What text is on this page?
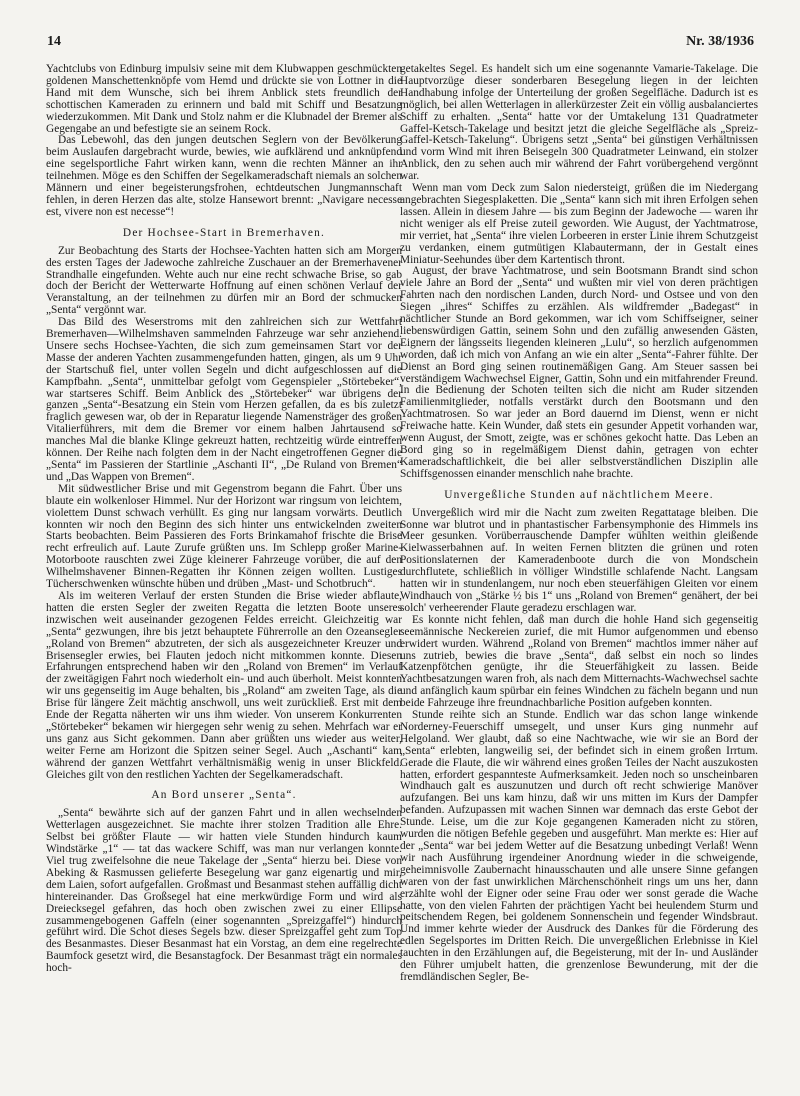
14	Nr. 38/1936

Yachtclubs von Edinburg impulsiv seine mit dem Klubwappen geschmückten goldenen Manschettenknöpfe vom Hemd und drückte sie von Lottner in die Hand mit dem Wunsche, sich bei ihrem Anblick stets freundlich der schottischen Kameraden zu erinnern und bald mit Schiff und Besatzung wiederzukommen. Mit Dank und Stolz nahm er die Klubnadel der Bremer als Gegengabe an und befestigte sie an seinem Rock.

Das Lebewohl, das den jungen deutschen Seglern von der Bevölkerung beim Auslaufen dargebracht wurde, bewies, wie aufklärend und anknüpfend eine segelsportliche Fahrt wirken kann, wenn die rechten Männer an ihr teilnehmen. Möge es den Schiffen der Segelkameradschaft niemals an solchen Männern und einer begeisterungsfrohen, echtdeutschen Jungmannschaft fehlen, in deren Herzen das alte, stolze Hansewort brennt: „Navigare necesse est, vivere non est necesse“!

Der Hochsee-Start in Bremerhaven.

Zur Beobachtung des Starts der Hochsee-Yachten hatten sich am Morgen des ersten Tages der Jadewoche zahlreiche Zuschauer an der Bremerhavener Strandhalle eingefunden. Wehte auch nur eine recht schwache Brise, so gab doch der Bericht der Wetterwarte Hoffnung auf einen schönen Verlauf der Veranstaltung, an der teilnehmen zu dürfen mir an Bord der schmucken „Senta“ vergönnt war.

Das Bild des Weserstroms mit den zahlreichen sich zur Wettfahrt Bremerhaven—Wilhelmshaven sammelnden Fahrzeuge war sehr anziehend. Unsere sechs Hochsee-Yachten, die sich zum gemeinsamen Start vor der Masse der anderen Yachten zusammengefunden hatten, gingen, als um 9 Uhr der Startschuß fiel, unter vollen Segeln und dicht aufgeschlossen auf die Kampfbahn. „Senta“, unmittelbar gefolgt vom Gegenspieler „Störtebeker“, war startseres Schiff. Beim Anblick des „Störtebeker“ war übrigens der ganzen „Senta“-Besatzung ein Stein vom Herzen gefallen, da es bis zuletzt fraglich gewesen war, ob der in Reparatur liegende Namensträger des großen Vitalierführers, mit dem die Bremer vor einem halben Jahrtausend so manches Mal die blanke Klinge gekreuzt hatten, rechtzeitig würde eintreffen können. Der Reihe nach folgten dem in der Nacht eingetroffenen Gegner die „Senta“ im Passieren der Startlinie „Aschanti II“, „De Ruland von Bremen“ und „Das Wappen von Bremen“.

Mit südwestlicher Brise und mit Gegenstrom begann die Fahrt. Über uns blaute ein wolkenloser Himmel. Nur der Horizont war ringsum von leichtem, violettem Dunst schwach verhüllt. Es ging nur langsam vorwärts. Deutlich konnten wir noch den Beginn des sich hinter uns entwickelnden zweiten Starts beobachten. Beim Passieren des Forts Brinkamahof frischte die Brise recht erfreulich auf. Laute Zurufe grüßten uns. Im Schlepp großer Marine-Motorboote rauschten zwei Züge kleinerer Fahrzeuge vorüber, die auf den Wilhelmshavener Binnen-Regatten ihr Können zeigen wollten. Lustiges Tücherschwenken wünschte hüben und drüben „Mast- und Schotbruch“.

Als im weiteren Verlauf der ersten Stunden die Brise wieder abflaute, hatten die ersten Segler der zweiten Regatta die letzten Boote unseres inzwischen weit auseinander gezogenen Feldes erreicht. Gleichzeitig war „Senta“ gezwungen, ihre bis jetzt behauptete Führerrolle an den Ozeansegler „Roland von Bremen“ abzutreten, der sich als ausgezeichneter Kreuzer und Brisensegler erwies, bei Flauten jedoch nicht mitkommen konnte. Diesen Erfahrungen entsprechend haben wir den „Roland von Bremen“ im Verlauf der zweitägigen Fahrt noch wiederholt ein- und auch überholt. Meist konnten wir uns gegenseitig im Auge behalten, bis „Roland“ am zweiten Tage, als die Brise für längere Zeit mächtig anschwoll, uns weit zurückließ. Erst mit dem Ende der Regatta näherten wir uns ihm wieder. Von unserem Konkurrenten „Störtebeker“ bekamen wir hiergegen sehr wenig zu sehen. Mehrfach war er uns ganz aus Sicht gekommen. Dann aber grüßten uns wieder aus weiter, weiter Ferne am Horizont die Spitzen seiner Segel. Auch „Aschanti“ kam während der ganzen Wettfahrt verhältnismäßig wenig in unser Blickfeld. Gleiches gilt von den restlichen Yachten der Segelkameradschaft.

An Bord unserer „Senta“.

„Senta“ bewährte sich auf der ganzen Fahrt und in allen wechselnden Wetterlagen ausgezeichnet. Sie machte ihrer stolzen Tradition alle Ehre. Selbst bei größter Flaute — wir hatten viele Stunden hindurch kaum Windstärke „1“ — tat das wackere Schiff, was man nur verlangen konnte. Viel trug zweifelsohne die neue Takelage der „Senta“ hierzu bei. Diese von Abeking & Rasmussen gelieferte Besegelung war ganz eigenartig und mir, dem Laien, sofort aufgefallen. Großmast und Besanmast stehen auffällig dicht hintereinander. Das Großsegel hat eine merkwürdige Form und wird als Dreiecksegel gefahren, das hoch oben zwischen zwei zu einer Ellipse zusammengebogenen Gaffeln (einer sogenannten „Spreizgaffel“) hindurch geführt wird. Die Schot dieses Segels bzw. dieser Spreizgaffel geht zum Top des Besanmastes. Dieser Besanmast hat ein Vorstag, an dem eine regelrechte Baumfock gesetzt wird, die Besanstagfock. Der Besanmast trägt ein normales hoch-

getakeltes Segel. Es handelt sich um eine sogenannte Vamarie-Takelage. Die Hauptvorzüge dieser sonderbaren Besegelung liegen in der leichten Handhabung infolge der Unterteilung der großen Segelfläche. Dadurch ist es möglich, bei allen Wetterlagen in allerkürzester Zeit ein völlig ausbalanciertes Schiff zu erhalten. „Senta“ hatte vor der Umtakelung 131 Quadratmeter Gaffel-Ketsch-Takelage und besitzt jetzt die gleiche Segelfläche als „Spreiz-Gaffel-Ketsch-Takelung“. Übrigens setzt „Senta“ bei günstigen Verhältnissen und vorm Wind mit ihren Beisegeln 300 Quadratmeter Leinwand, ein stolzer Anblick, den zu sehen auch mir während der Fahrt vorübergehend vergönnt war.

Wenn man vom Deck zum Salon niedersteigt, grüßen die im Niedergang angebrachten Siegesplaketten. Die „Senta“ kann sich mit ihren Erfolgen sehen lassen. Allein in diesem Jahre — bis zum Beginn der Jadewoche — waren ihr nicht weniger als elf Preise zuteil geworden. Wie August, der Yachtmatrose, mir verriet, hat „Senta“ ihre vielen Lorbeeren in erster Linie ihrem Schutzgeist zu verdanken, einem gutmütigen Klabautermann, der in Gestalt eines Miniatur-Seehundes über dem Kartentisch thront.

August, der brave Yachtmatrose, und sein Bootsmann Brandt sind schon viele Jahre an Bord der „Senta“ und wußten mir viel von deren prächtigen Fahrten nach den nordischen Landen, durch Nord- und Ostsee und von den Siegen „ihres“ Schiffes zu erzählen. Als wildfremder „Badegast“ in nächtlicher Stunde an Bord gekommen, war ich vom Schiffseigner, seiner liebenswürdigen Gattin, seinem Sohn und den zufällig anwesenden Gästen, Eignern der längsseits liegenden kleineren „Lulu“, so herzlich aufgenommen worden, daß ich mich von Anfang an wie ein alter „Senta“-Fahrer fühlte. Der Dienst an Bord ging seinen routinemäßigen Gang. Am Steuer sassen bei verständigem Wachwechsel Eigner, Gattin, Sohn und ein mitfahrender Freund. In die Bedienung der Schoten teilten sich die nicht am Ruder sitzenden Familienmitglieder, notfalls verstärkt durch den Bootsmann und den Yachtmatrosen. So war jeder an Bord dauernd im Dienst, wenn er nicht Freiwache hatte. Kein Wunder, daß stets ein gesunder Appetit vorhanden war, wenn August, der Smott, zeigte, was er schönes gekocht hatte. Das Leben an Bord ging so in regelmäßigem Dienst dahin, getragen von echter Kameradschaftlichkeit, die bei aller selbstverständlichen Disziplin alle Schiffsgenossen einander menschlich nahe brachte.

Unvergeßliche Stunden auf nächtlichem Meere.

Unvergeßlich wird mir die Nacht zum zweiten Regattatage bleiben. Die Sonne war blutrot und in phantastischer Farbensymphonie des Himmels ins Meer gesunken. Vorüberrauschende Dampfer wühlten weithin gleißende Kielwasserbahnen auf. In weiten Fernen blitzten die grünen und roten Positionslaternen der Kameradenboote durch die von Mondschein durchflutete, schließlich in völliger Windstille schlafende Nacht. Langsam hatten wir in stundenlangem, nur noch eben steuerfähigen Gleiten vor einem Windhauch von „Stärke ½ bis 1“ uns „Roland von Bremen“ genähert, der bei solch' verheerender Flaute geradezu erschlagen war.

Es konnte nicht fehlen, daß man durch die hohle Hand sich gegenseitig seemännische Neckereien zurief, die mit Humor aufgenommen und ebenso erwidert wurden. Während „Roland von Bremen“ machtlos immer näher auf uns zutrieb, bewies die brave „Senta“, daß selbst ein noch so lindes Katzenpfötchen genügte, ihr die Steuerfähigkeit zu lassen. Beide Yachtbesatzungen waren froh, als nach dem Mitternachts-Wachwechsel sachte und anfänglich kaum spürbar ein feines Windchen zu fächeln begann und nun beide Fahrzeuge ihre freundnachbarliche Position aufgeben konnten.

Stunde reihte sich an Stunde. Endlich war das schon lange winkende Norderney-Feuerschiff umsegelt, und unser Kurs ging nunmehr auf Helgoland. Wer glaubt, daß so eine Nachtwache, wie wir sie an Bord der „Senta“ erlebten, langweilig sei, der befindet sich in einem großen Irrtum. Gerade die Flaute, die wir während eines großen Teiles der Nacht auszukosten hatten, erfordert gespannteste Aufmerksamkeit. Jeden noch so unscheinbaren Windhauch galt es auszunutzen und durch oft recht schwierige Manöver aufzufangen. Bei uns kam hinzu, daß wir uns mitten im Kurs der Dampfer befanden. Aufzupassen mit wachen Sinnen war demnach das erste Gebot der Stunde. Leise, um die zur Koje gegangenen Kameraden nicht zu stören, wurden die nötigen Befehle gegeben und ausgeführt. Man merkte es: Hier auf der „Senta“ war bei jedem Wetter auf die Besatzung unbedingt Verlaß! Wenn wir nach Ausführung irgendeiner Anordnung wieder in die schweigende, geheimnisvolle Zaubernacht hinausschauten und alle unsere Sinne gefangen waren von der fast unwirklichen Märchenschönheit rings um uns her, dann erzählte wohl der Eigner oder seine Frau oder wer sonst gerade die Wache hatte, von den vielen Fahrten der prächtigen Yacht bei heulendem Sturm und peitschendem Regen, bei goldenem Sonnenschein und fegender Windsbraut. Und immer kehrte wieder der Ausdruck des Dankes für die Förderung des edlen Segelsportes im Dritten Reich. Die unvergeßlichen Erlebnisse in Kiel tauchten in den Erzählungen auf, die Begeisterung, mit der In- und Ausländer den Führer umjubelt hatten, die grenzenlose Bewunderung, mit der die fremdländischen Segler, Be-
